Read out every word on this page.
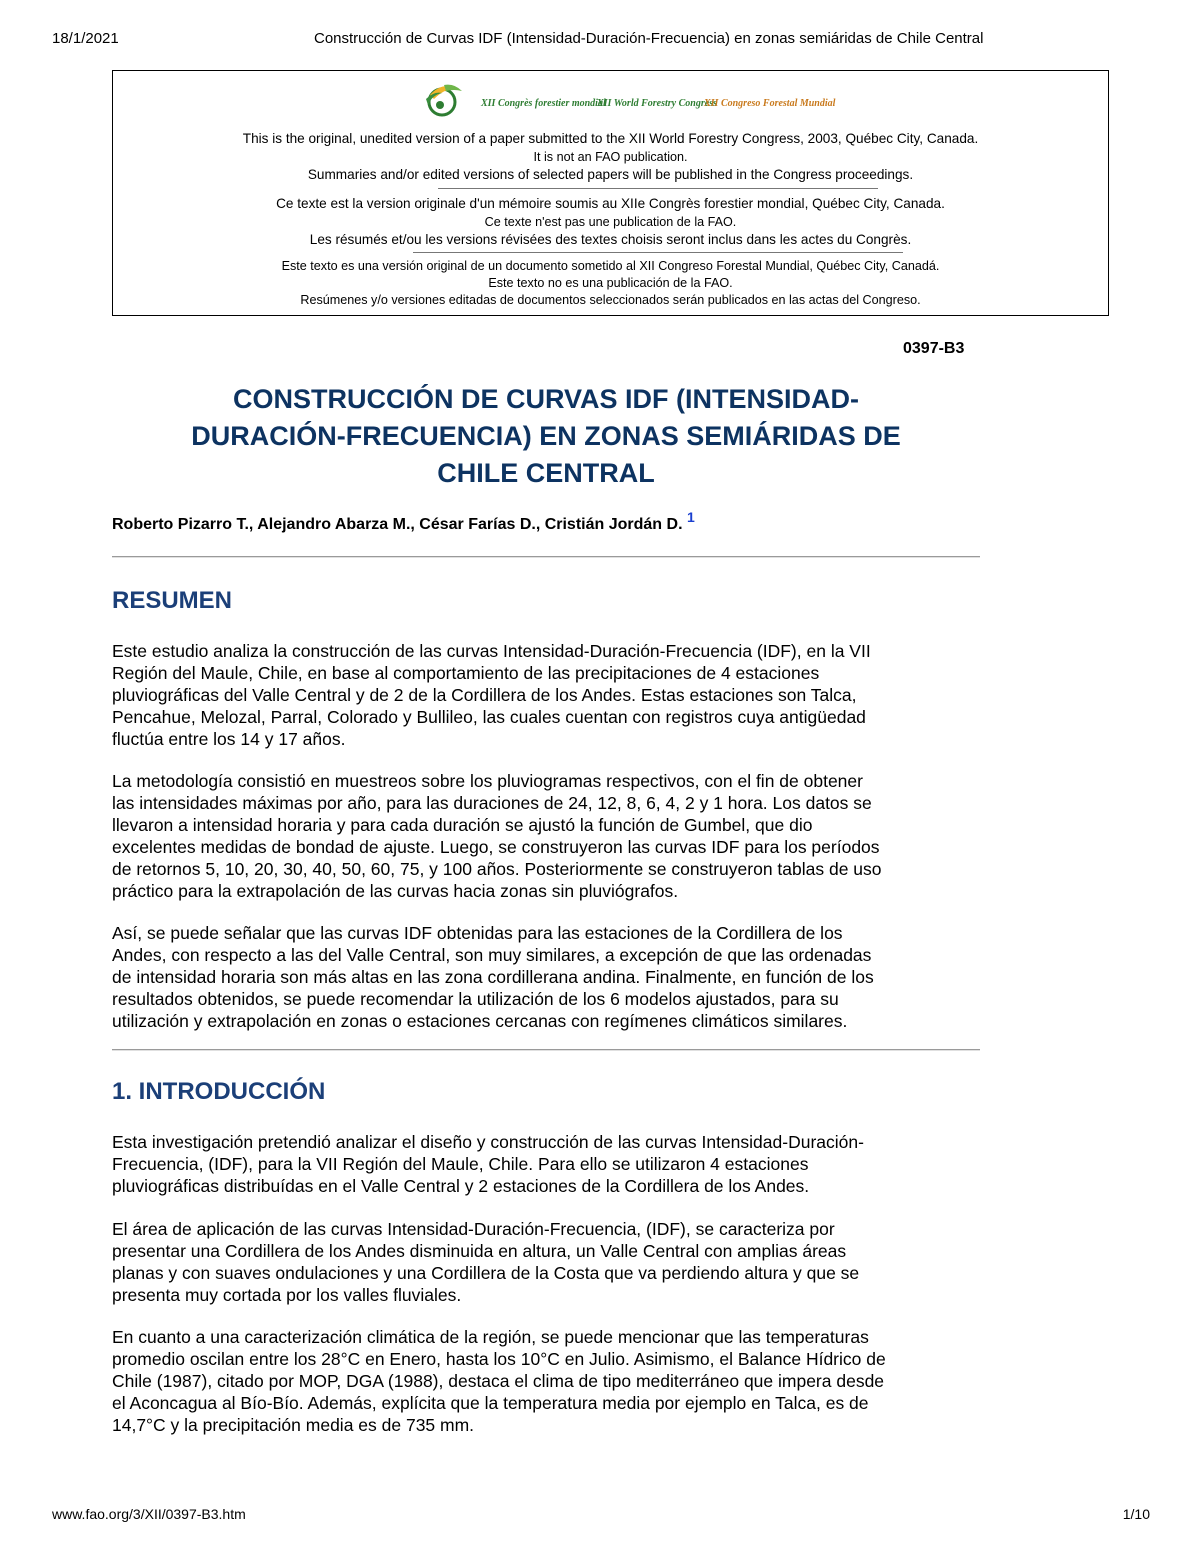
18/1/2021	Construcción de Curvas IDF (Intensidad-Duración-Frecuencia) en zonas semiáridas de Chile Central
XII Congrès forestier mondial
XII World Forestry Congress
XII Congreso Forestal Mundial
This is the original, unedited version of a paper submitted to the XII World Forestry Congress, 2003, Québec City, Canada.
It is not an FAO publication.
Summaries and/or edited versions of selected papers will be published in the Congress proceedings.
Ce texte est la version originale d'un mémoire soumis au XIIe Congrès forestier mondial, Québec City, Canada.
Ce texte n'est pas une publication de la FAO.
Les résumés et/ou les versions révisées des textes choisis seront inclus dans les actes du Congrès.
Este texto es una versión original de un documento sometido al XII Congreso Forestal Mundial, Québec City, Canadá.
Este texto no es una publicación de la FAO.
Resúmenes y/o versiones editadas de documentos seleccionados serán publicados en las actas del Congreso.
0397-B3
CONSTRUCCIÓN DE CURVAS IDF (INTENSIDAD-
DURACIÓN-FRECUENCIA) EN ZONAS SEMIÁRIDAS DE
CHILE CENTRAL
Roberto Pizarro T., Alejandro Abarza M., César Farías D., Cristián Jordán D. 1
RESUMEN
Este estudio analiza la construcción de las curvas Intensidad-Duración-Frecuencia (IDF), en la VII
Región del Maule, Chile, en base al comportamiento de las precipitaciones de 4 estaciones
pluviográficas del Valle Central y de 2 de la Cordillera de los Andes. Estas estaciones son Talca,
Pencahue, Melozal, Parral, Colorado y Bullileo, las cuales cuentan con registros cuya antigüedad
fluctúa entre los 14 y 17 años.
La metodología consistió en muestreos sobre los pluviogramas respectivos, con el fin de obtener
las intensidades máximas por año, para las duraciones de 24, 12, 8, 6, 4, 2 y 1 hora. Los datos se
llevaron a intensidad horaria y para cada duración se ajustó la función de Gumbel, que dio
excelentes medidas de bondad de ajuste. Luego, se construyeron las curvas IDF para los períodos
de retornos 5, 10, 20, 30, 40, 50, 60, 75, y 100 años. Posteriormente se construyeron tablas de uso
práctico para la extrapolación de las curvas hacia zonas sin pluviógrafos.
Así, se puede señalar que las curvas IDF obtenidas para las estaciones de la Cordillera de los
Andes, con respecto a las del Valle Central, son muy similares, a excepción de que las ordenadas
de intensidad horaria son más altas en las zona cordillerana andina. Finalmente, en función de los
resultados obtenidos, se puede recomendar la utilización de los 6 modelos ajustados, para su
utilización y extrapolación en zonas o estaciones cercanas con regímenes climáticos similares.
1. INTRODUCCIÓN
Esta investigación pretendió analizar el diseño y construcción de las curvas Intensidad-Duración-
Frecuencia, (IDF), para la VII Región del Maule, Chile. Para ello se utilizaron 4 estaciones
pluviográficas distribuídas en el Valle Central y 2 estaciones de la Cordillera de los Andes.
El área de aplicación de las curvas Intensidad-Duración-Frecuencia, (IDF), se caracteriza por
presentar una Cordillera de los Andes disminuida en altura, un Valle Central con amplias áreas
planas y con suaves ondulaciones y una Cordillera de la Costa que va perdiendo altura y que se
presenta muy cortada por los valles fluviales.
En cuanto a una caracterización climática de la región, se puede mencionar que las temperaturas
promedio oscilan entre los 28°C en Enero, hasta los 10°C en Julio. Asimismo, el Balance Hídrico de
Chile (1987), citado por MOP, DGA (1988), destaca el clima de tipo mediterráneo que impera desde
el Aconcagua al Bío-Bío. Además, explícita que la temperatura media por ejemplo en Talca, es de
14,7°C y la precipitación media es de 735 mm.
www.fao.org/3/XII/0397-B3.htm	1/10
